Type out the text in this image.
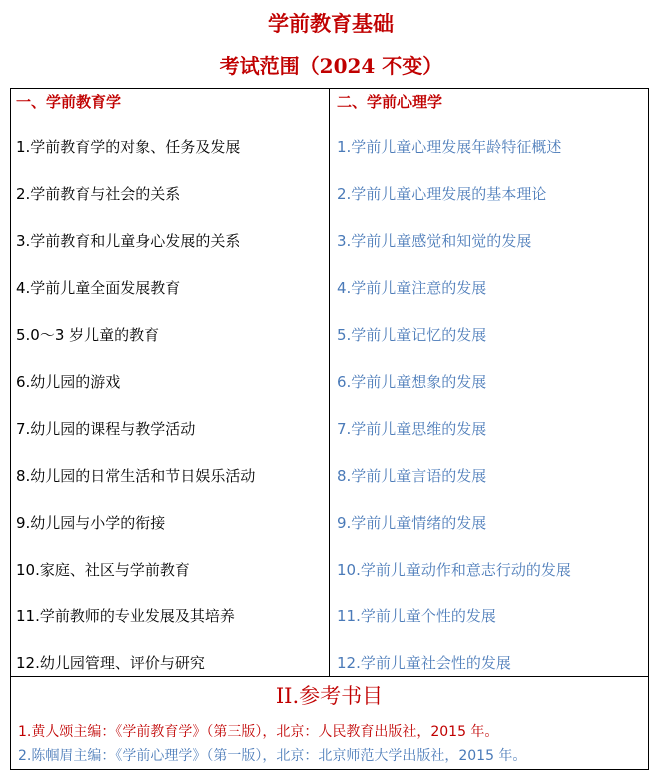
学前教育基础
考试范围（2024 不变）
一、学前教育学
1.学前教育学的对象、任务及发展
2.学前教育与社会的关系
3.学前教育和儿童身心发展的关系
4.学前儿童全面发展教育
5.0～3 岁儿童的教育
6.幼儿园的游戏
7.幼儿园的课程与教学活动
8.幼儿园的日常生活和节日娱乐活动
9.幼儿园与小学的衔接
10.家庭、社区与学前教育
11.学前教师的专业发展及其培养
12.幼儿园管理、评价与研究
二、学前心理学
1.学前儿童心理发展年龄特征概述
2.学前儿童心理发展的基本理论
3.学前儿童感觉和知觉的发展
4.学前儿童注意的发展
5.学前儿童记忆的发展
6.学前儿童想象的发展
7.学前儿童思维的发展
8.学前儿童言语的发展
9.学前儿童情绪的发展
10.学前儿童动作和意志行动的发展
11.学前儿童个性的发展
12.学前儿童社会性的发展
II.参考书目
1.黄人颂主编：《学前教育学》（第三版），北京：人民教育出版社，2015 年。
2.陈帼眉主编：《学前心理学》（第一版），北京：北京师范大学出版社，2015 年。
